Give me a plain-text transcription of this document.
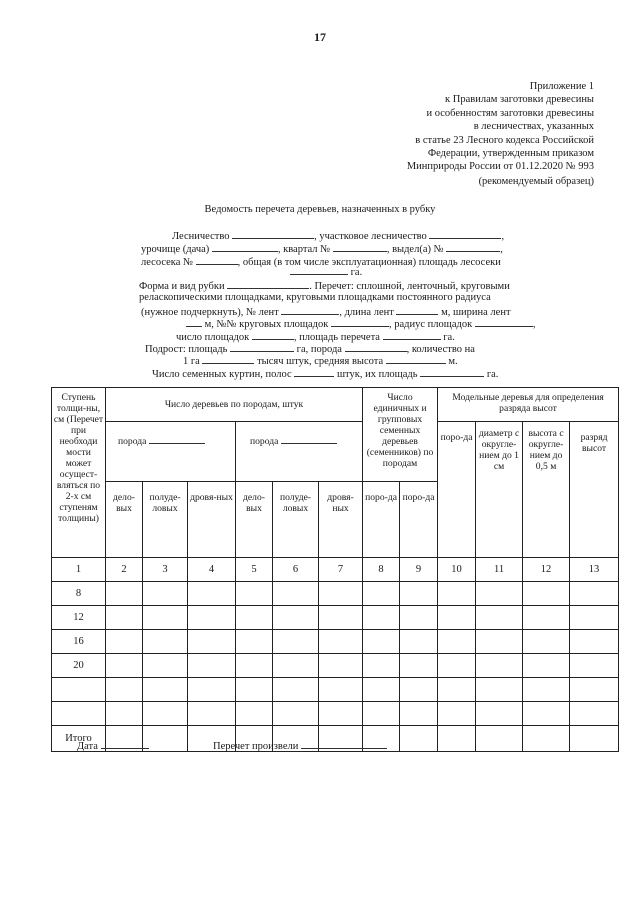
17
Приложение 1
к Правилам заготовки древесины
и особенностям заготовки древесины
в лесничествах, указанных
в статье 23 Лесного кодекса Российской
Федерации, утвержденным приказом
Минприроды России от 01.12.2020 № 993
(рекомендуемый образец)
Ведомость перечета деревьев, назначенных в рубку
Лесничество	, участковое лесничество	,
урочище (дача)	, квартал №	, выдел(а) №	,
лесосека №	, общая (в том числе эксплуатационная) площадь лесосеки
га.
Форма и вид рубки	. Перечет: сплошной, ленточный, круговыми
реласкопическими площадками, круговыми площадками постоянного радиуса
(нужное подчеркнуть), № лент	, длина лент	м, ширина лент
м, №№ круговых площадок	, радиус площадок	,
число площадок	, площадь перечета	га.
Подрост: площадь	га, порода	, количество на
1 га	тысяч штук, средняя высота	м.
Число семенных куртин, полос	штук, их площадь	га.
Ступень толщи-ны, см (Перечет при необходи мости может осущест-вляться по 2-х см ступеням толщины)	Число деревьев по породам, штук						Число единичных и групповых семенных деревьев (семенников) по породам		Модельные деревья для определения разряда высот			
	порода			порода					поро-да	диаметр с округле-нием до 1 см	высота с округле-нием до 0,5 м	разряд высот
	дело-вых	полуде-ловых	дровя-ных	дело-вых	полуде-ловых	дровя-ных	поро-да	поро-да				
1	2	3	4	5	6	7	8	9	10	11	12	13
8												
12												
16												
20												

Итого												
Дата	Перечет произвели
